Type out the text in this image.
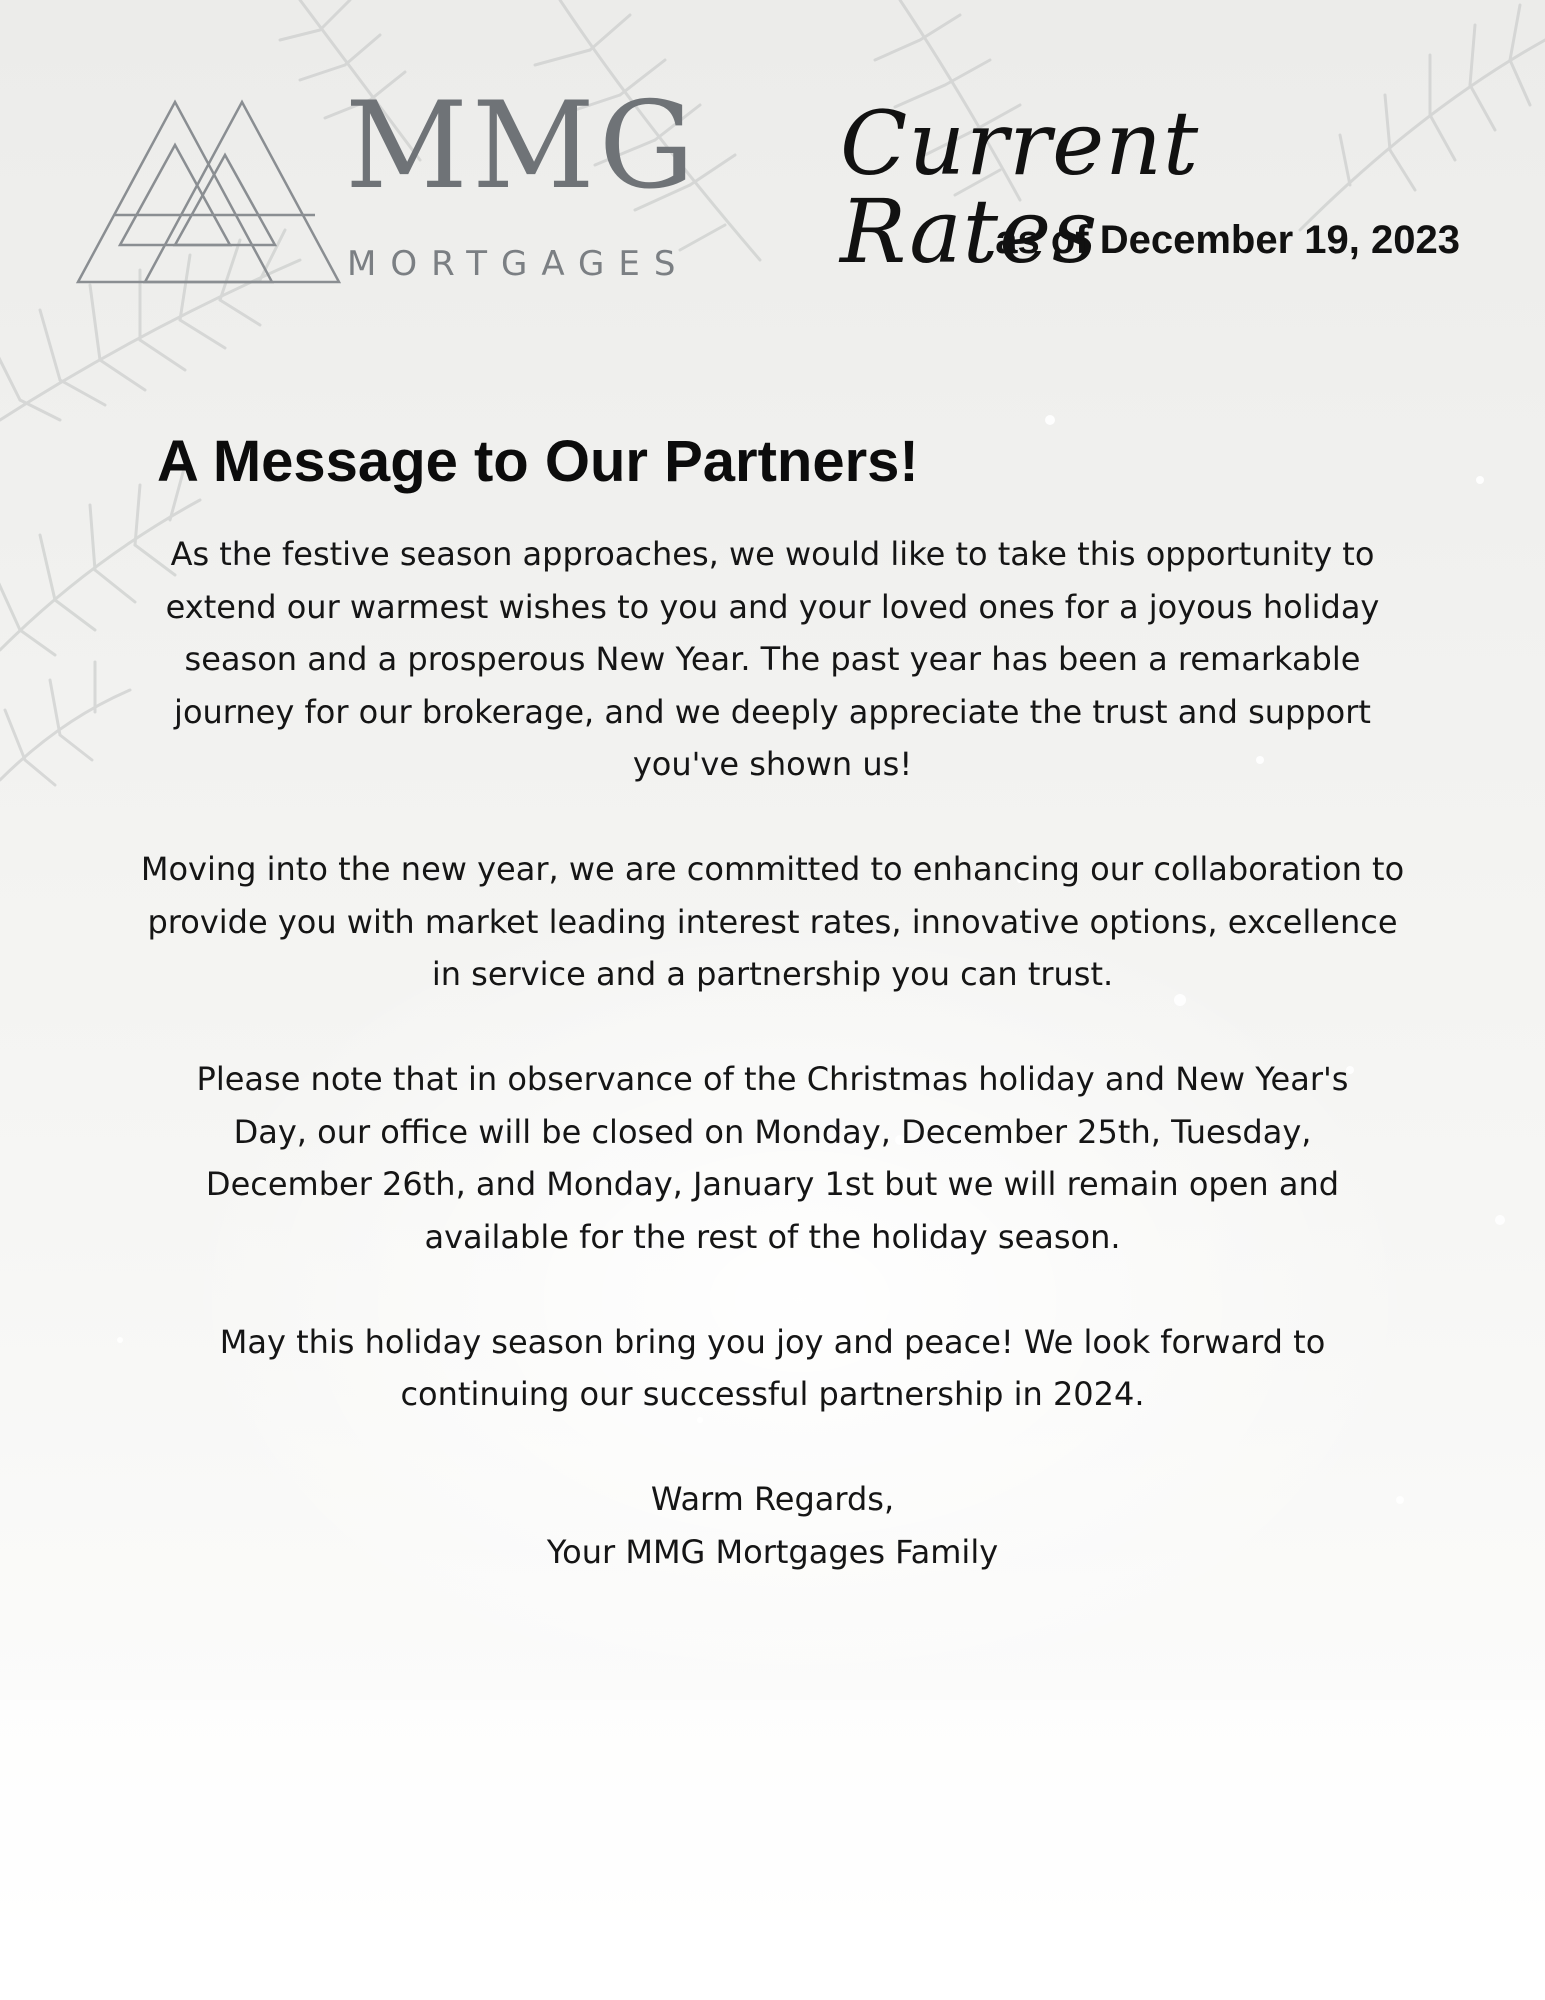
MMG
MORTGAGES
Current Rates
as of December 19, 2023
A Message to Our Partners!

As the festive season approaches, we would like to take this opportunity to extend our warmest wishes to you and your loved ones for a joyous holiday season and a prosperous New Year. The past year has been a remarkable journey for our brokerage, and we deeply appreciate the trust and support you've shown us!

Moving into the new year, we are committed to enhancing our collaboration to provide you with market leading interest rates, innovative options, excellence in service and a partnership you can trust.

Please note that in observance of the Christmas holiday and New Year's Day, our office will be closed on Monday, December 25th, Tuesday, December 26th, and Monday, January 1st but we will remain open and available for the rest of the holiday season.

May this holiday season bring you joy and peace! We look forward to continuing our successful partnership in 2024.

Warm Regards,
Your MMG Mortgages Family
